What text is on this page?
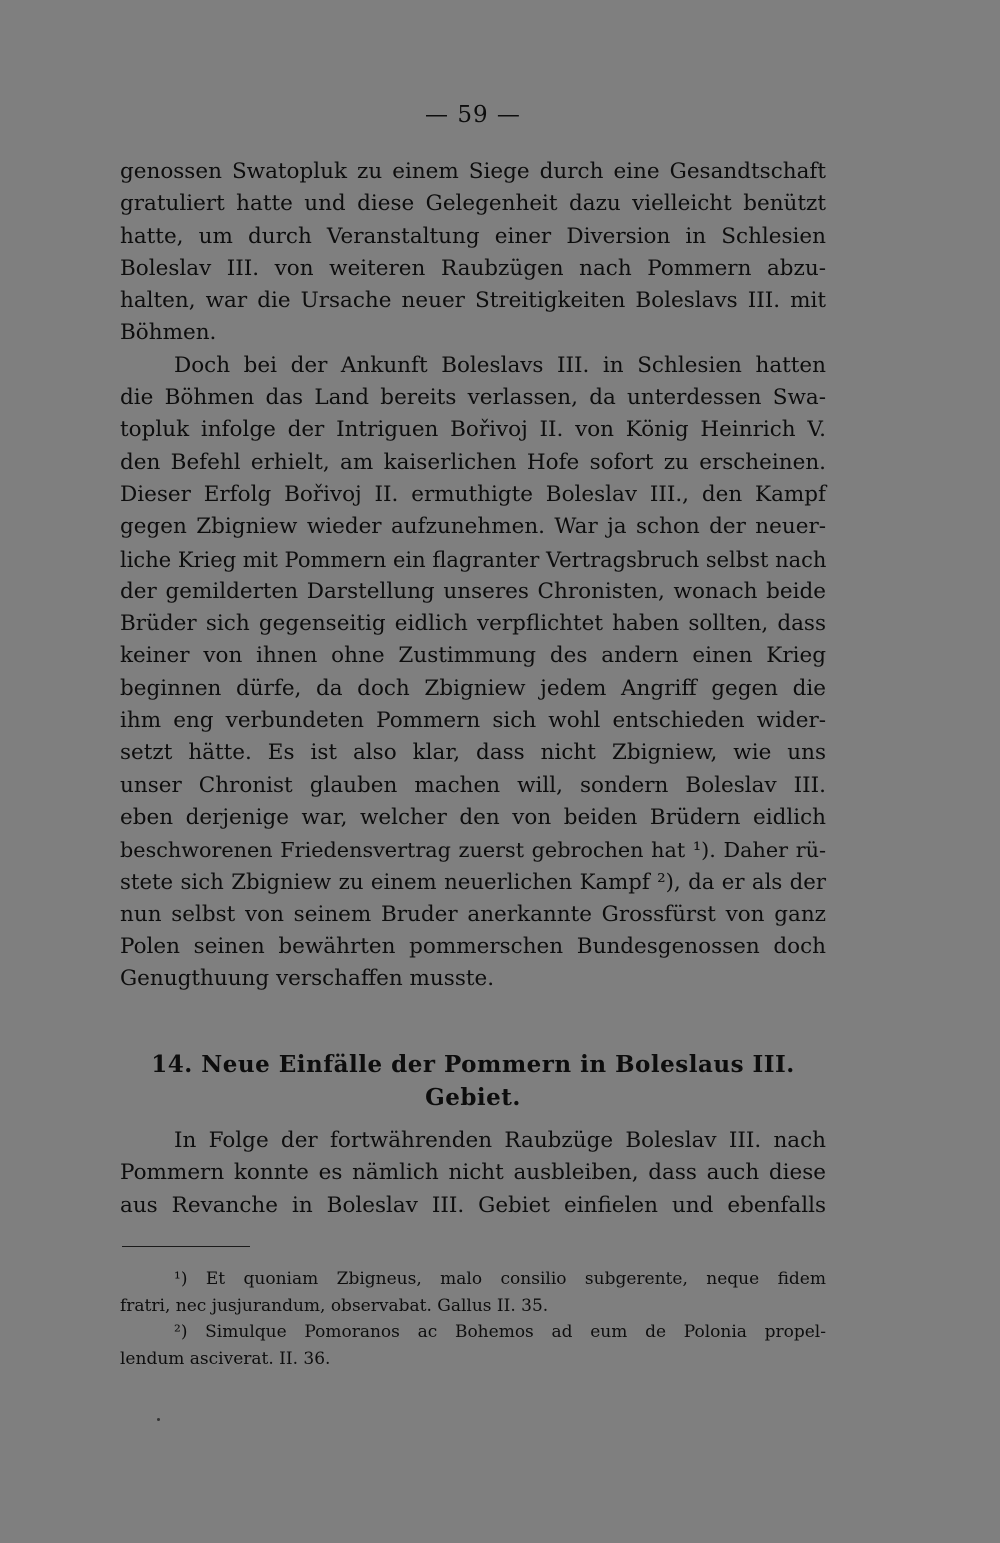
— 59 —
genossen Swatopluk zu einem Siege durch eine Gesandtschaft
gratuliert hatte und diese Gelegenheit dazu vielleicht benützt
hatte, um durch Veranstaltung einer Diversion in Schlesien
Boleslav III. von weiteren Raubzügen nach Pommern abzu-
halten, war die Ursache neuer Streitigkeiten Boleslavs III. mit
Böhmen.
Doch bei der Ankunft Boleslavs III. in Schlesien hatten
die Böhmen das Land bereits verlassen, da unterdessen Swa-
topluk infolge der Intriguen Bořivoj II. von König Heinrich V.
den Befehl erhielt, am kaiserlichen Hofe sofort zu erscheinen.
Dieser Erfolg Bořivoj II. ermuthigte Boleslav III., den Kampf
gegen Zbigniew wieder aufzunehmen. War ja schon der neuer-
liche Krieg mit Pommern ein flagranter Vertragsbruch selbst nach
der gemilderten Darstellung unseres Chronisten, wonach beide
Brüder sich gegenseitig eidlich verpflichtet haben sollten, dass
keiner von ihnen ohne Zustimmung des andern einen Krieg
beginnen dürfe, da doch Zbigniew jedem Angriff gegen die
ihm eng verbundeten Pommern sich wohl entschieden wider-
setzt hätte. Es ist also klar, dass nicht Zbigniew, wie uns
unser Chronist glauben machen will, sondern Boleslav III.
eben derjenige war, welcher den von beiden Brüdern eidlich
beschworenen Friedensvertrag zuerst gebrochen hat ¹). Daher rü-
stete sich Zbigniew zu einem neuerlichen Kampf ²), da er als der
nun selbst von seinem Bruder anerkannte Grossfürst von ganz
Polen seinen bewährten pommerschen Bundesgenossen doch
Genugthuung verschaffen musste.
14. Neue Einfälle der Pommern in Boleslaus III.
Gebiet.
In Folge der fortwährenden Raubzüge Boleslav III. nach
Pommern konnte es nämlich nicht ausbleiben, dass auch diese
aus Revanche in Boleslav III. Gebiet einfielen und ebenfalls
¹) Et quoniam Zbigneus, malo consilio subgerente, neque fidem
fratri, nec jusjurandum, observabat. Gallus II. 35.
²) Simulque Pomoranos ac Bohemos ad eum de Polonia propel-
lendum asciverat. II. 36.
